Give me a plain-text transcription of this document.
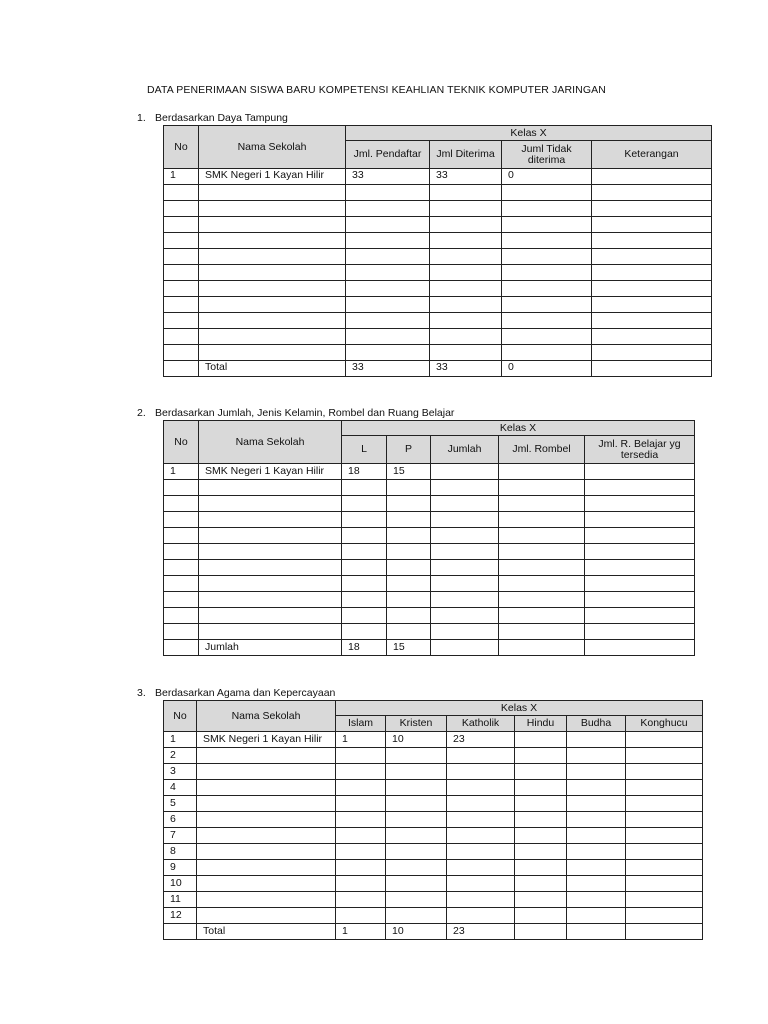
DATA PENERIMAAN SISWA BARU KOMPETENSI KEAHLIAN TEKNIK KOMPUTER JARINGAN
1. Berdasarkan Daya Tampung
No	Nama Sekolah	Kelas X			
		Jml. Pendaftar	Jml Diterima	Juml Tidak diterima	Keterangan
1	SMK Negeri 1 Kayan Hilir	33	33	0	

	Total	33	33	0	
2. Berdasarkan Jumlah, Jenis Kelamin, Rombel dan Ruang Belajar
No	Nama Sekolah	Kelas X				
		L	P	Jumlah	Jml. Rombel	Jml. R. Belajar yg tersedia
1	SMK Negeri 1 Kayan Hilir	18	15			

	Jumlah	18	15			
3. Berdasarkan Agama dan Kepercayaan
No	Nama Sekolah	Kelas X					
		Islam	Kristen	Katholik	Hindu	Budha	Konghucu
1	SMK Negeri 1 Kayan Hilir	1	10	23			
2							
3							
4							
5							
6							
7							
8							
9							
10							
11							
12							
	Total	1	10	23			
